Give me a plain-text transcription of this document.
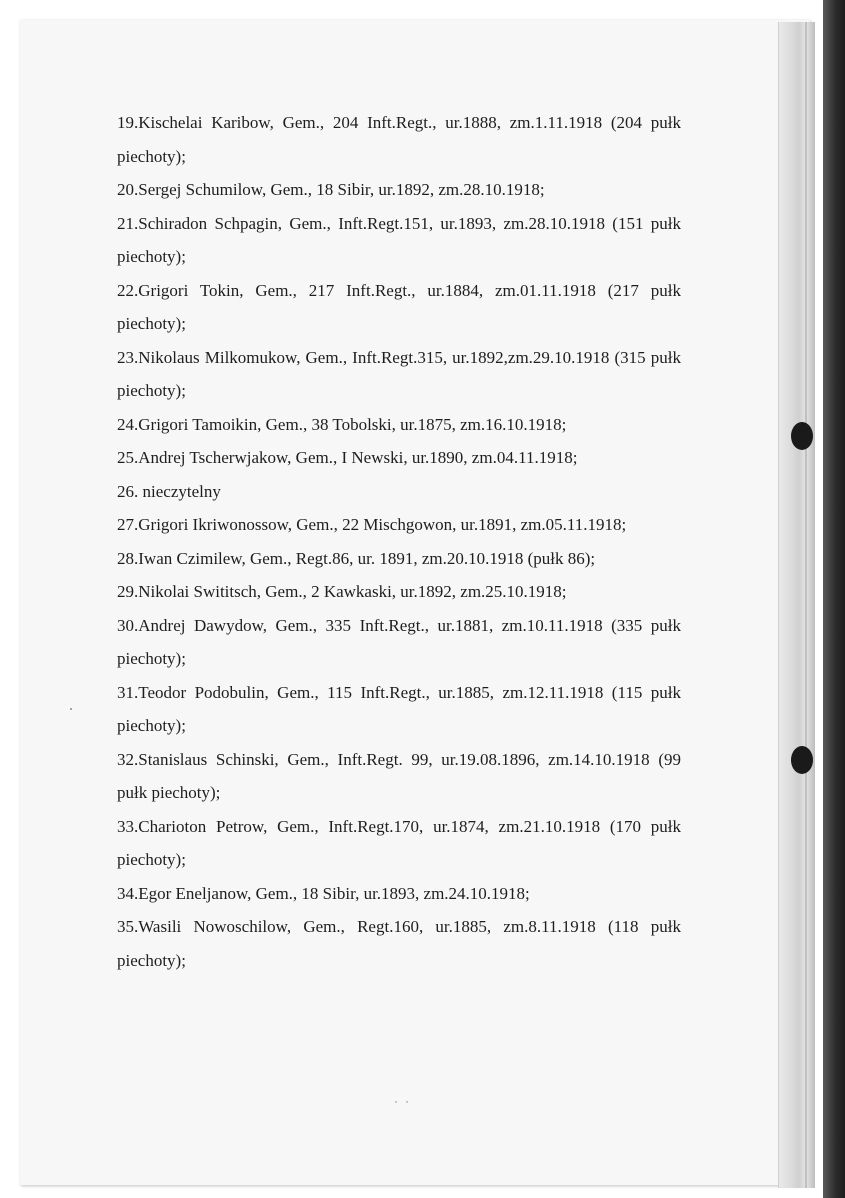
19.Kischelai Karibow, Gem., 204 Inft.Regt., ur.1888, zm.1.11.1918 (204 pułk piechoty);

20.Sergej Schumilow, Gem., 18 Sibir, ur.1892, zm.28.10.1918;

21.Schiradon Schpagin, Gem., Inft.Regt.151, ur.1893, zm.28.10.1918 (151 pułk piechoty);

22.Grigori Tokin, Gem., 217 Inft.Regt., ur.1884, zm.01.11.1918 (217 pułk piechoty);

23.Nikolaus Milkomukow, Gem., Inft.Regt.315, ur.1892,zm.29.10.1918 (315 pułk piechoty);

24.Grigori Tamoikin, Gem., 38 Tobolski, ur.1875, zm.16.10.1918;

25.Andrej Tscherwjakow, Gem., I Newski, ur.1890, zm.04.11.1918;

26. nieczytelny

27.Grigori Ikriwonossow, Gem., 22 Mischgowon, ur.1891, zm.05.11.1918;

28.Iwan Czimilew, Gem., Regt.86, ur. 1891, zm.20.10.1918 (pułk 86);

29.Nikolai Swititsch, Gem., 2 Kawkaski, ur.1892, zm.25.10.1918;

30.Andrej Dawydow, Gem., 335 Inft.Regt., ur.1881, zm.10.11.1918 (335 pułk piechoty);

31.Teodor Podobulin, Gem., 115 Inft.Regt., ur.1885, zm.12.11.1918 (115 pułk piechoty);

32.Stanislaus Schinski, Gem., Inft.Regt. 99, ur.19.08.1896, zm.14.10.1918 (99 pułk piechoty);

33.Charioton Petrow, Gem., Inft.Regt.170, ur.1874, zm.21.10.1918 (170 pułk piechoty);

34.Egor Eneljanow, Gem., 18 Sibir, ur.1893, zm.24.10.1918;

35.Wasili Nowoschilow, Gem., Regt.160, ur.1885, zm.8.11.1918 (118 pułk piechoty);

˙ ˙
